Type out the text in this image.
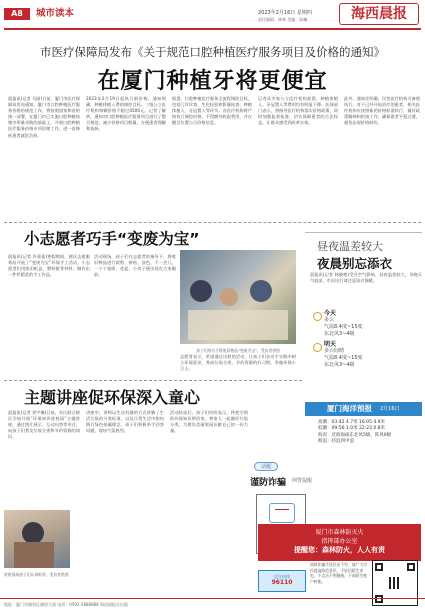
A8	城市读本	2023年2月16日 星期四
责任编辑：林林 美编：陈曦	海西晨报
市医疗保障局发布《关于规范口腔种植医疗服务项目及价格的通知》
在厦门种植牙将更便宜
晨报讯(记者 马丽)日前，厦门市医疗保障局发布通知，厦门市口腔种植医疗服务价格的规范工作，将按照国家和省的统一部署，在厦门市已实施口腔种植体集中带量采购的基础上，开展口腔种植医疗服务价格专项治理工作，进一步降低患者就医负担。
2023年2月19日起执行新价格。通知明确，种植体植入费的调控目标，三级公立医疗机构每颗价格不超过4500元。记者了解到，通知对口腔种植医疗服务项目进行了整合规范，减少价格项目数量，方便患者理解和选择。
据悉，口腔种植医疗服务全流程调控目标，包括门诊诊查、生化检验和影像检查、种植体植入、牙冠置入等环节。各医疗机构将严格执行调控价格，不得额外收取费用，并在醒目位置公示价格信息。
记者从多家公立医疗机构获悉，种植体植入、牙冠置入等费用均有明显下降。医保部门表示，将指导医疗机构落实价格政策，同时加强监督检查，切实保障患者的合法权益，让群众感受到改革实效。
此外，通知还明确，民营医疗机构可参照执行。对于已经开始治疗的患者，相关医疗机构应按照新的价格标准执行，做好政策解释和衔接工作，确保患者平稳过渡，避免出现价格纠纷。
小志愿者巧手“变废为宝”
晨报讯(记者 许嘉嘉)寒假期间，辖区志愿服务站开展了“变废为宝”环保手工活动，小志愿者们用废旧纸盒、塑料瓶等材料，制作出一件件精美的手工作品。
活动现场，孩子们在志愿者的指导下，将废旧物品进行裁剪、拼贴、涂色，不一会儿，一个个笔筒、花盆、小房子便出现在大家眼前。
志愿者表示，希望通过这样的活动，让孩子们在动手实践中树立环保意识，养成垃圾分类、节约资源的好习惯，争做环保小卫士。
孩子们用巧手将废旧物品“变废为宝”。受访者供图
昼夜温差较大
夜晨别忘添衣
晨报讯(记者 林晓艳)受冷空气影响，昼夜温差较大，早晚天气较凉，市民出行请注意添衣保暖。
今天
多云
气温8.4度~15度
东北风3~4级
明天
多云间晴
气温8.4度~15度
东北风3~4级
主题讲座促环保深入童心
晨报讯(记者 刘宇琳)日前，社区联合辖区学校开展“环保知识进校园”主题讲座，通过图片展示、互动问答等形式，向孩子们普及垃圾分类和节约资源的知识。
讲座中，讲师以生动有趣的方式讲解了生活垃圾的分类标准，以及日常生活中如何践行绿色低碳理念，孩子们积极举手回答问题，现场气氛热烈。
活动结束后，孩子们纷纷表示，将把学到的环保知识带回家，和家人一起做好垃圾分类，为建设美丽家园贡献自己的一份力量。
讲座现场孩子们认真听讲。受访者供图
厦门海洋预报	2月16日
高潮：03:42 4.7米 16:05 4.9米
低潮：09:56 1.0米 22:23 0.8米
海况：近海海面东北风5级，阵风6级
海浪：轻浪到中浪
话题
谨防诈骗 网警提醒
厦门市森林防灭火
指挥部办公室
提醒您：森林防火，人人有责
网络诈骗手段层出不穷，请广大市民提高防范意识，不轻信陌生来电，不点击不明链接，不向陌生账户转账。
反诈热线
96110
地址：厦门市湖里区湖里大道 电话：0592-5888888 海西晨报社出版
